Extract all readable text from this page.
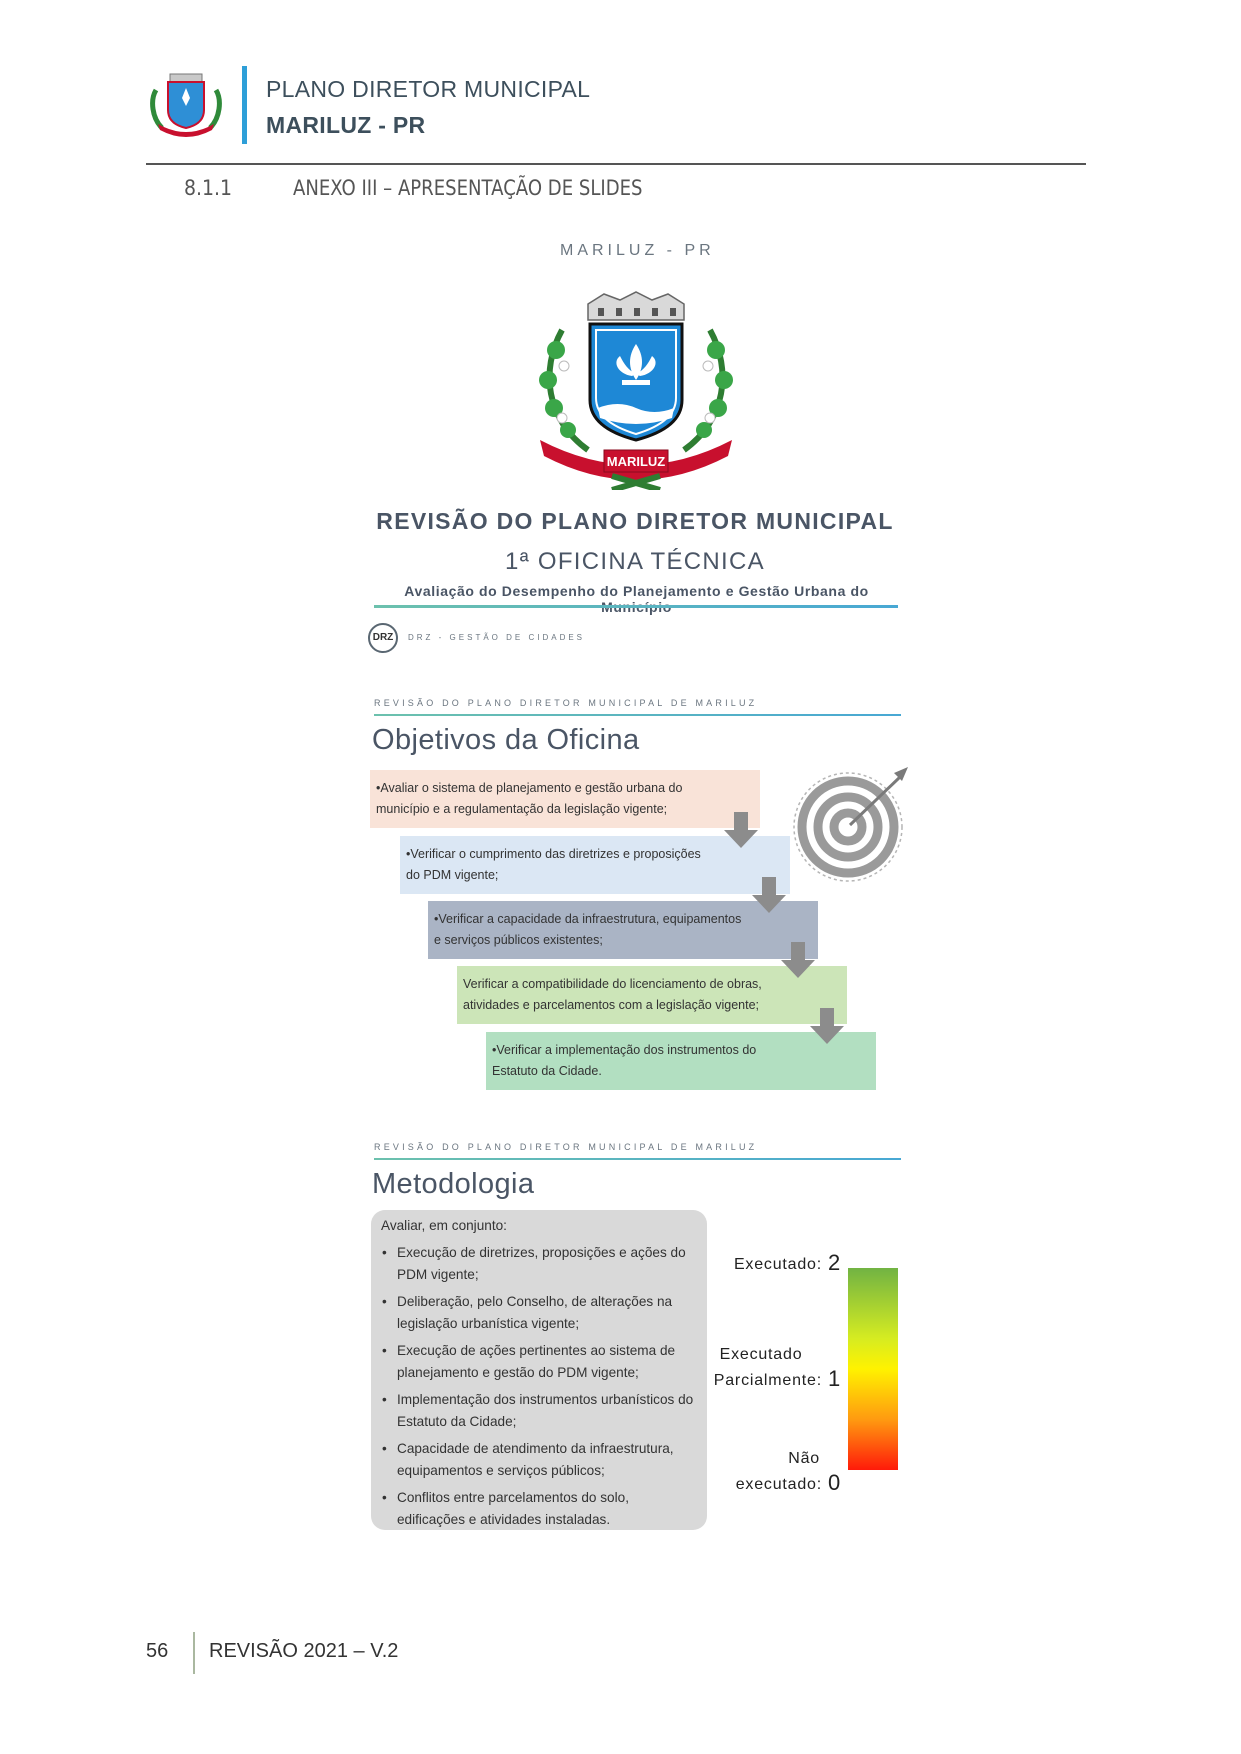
PLANO DIRETOR MUNICIPAL
MARILUZ - PR
8.1.1	ANEXO III – APRESENTAÇÃO DE SLIDES
MARILUZ - PR
MARILUZ
REVISÃO DO PLANO DIRETOR MUNICIPAL
1ª OFICINA TÉCNICA
Avaliação do Desempenho do Planejamento e Gestão Urbana do
DRZ	DRZ - GESTÃO DE CIDADES
REVISÃO DO PLANO DIRETOR MUNICIPAL DE MARILUZ
Objetivos da Oficina
•Avaliar o sistema de planejamento e gestão urbana do
município e a regulamentação da legislação vigente;
•Verificar o cumprimento das diretrizes e proposições
do PDM vigente;
•Verificar a capacidade da infraestrutura, equipamentos
e serviços públicos existentes;
Verificar a compatibilidade do licenciamento de obras,
atividades e parcelamentos com a legislação vigente;
•Verificar a implementação dos instrumentos do
Estatuto da Cidade.
REVISÃO DO PLANO DIRETOR MUNICIPAL DE MARILUZ
Metodologia
Avaliar, em conjunto:
• Execução de diretrizes, proposições e ações do PDM vigente;
• Deliberação, pelo Conselho, de alterações na legislação urbanística vigente;
• Execução de ações pertinentes ao sistema de planejamento e gestão do PDM vigente;
• Implementação dos instrumentos urbanísticos do Estatuto da Cidade;
• Capacidade de atendimento da infraestrutura, equipamentos e serviços públicos;
• Conflitos entre parcelamentos do solo, edificações e atividades instaladas.
Executado: 2
Executado
Parcialmente: 1
Não
executado: 0
56 REVISÃO 2021 – V.2
